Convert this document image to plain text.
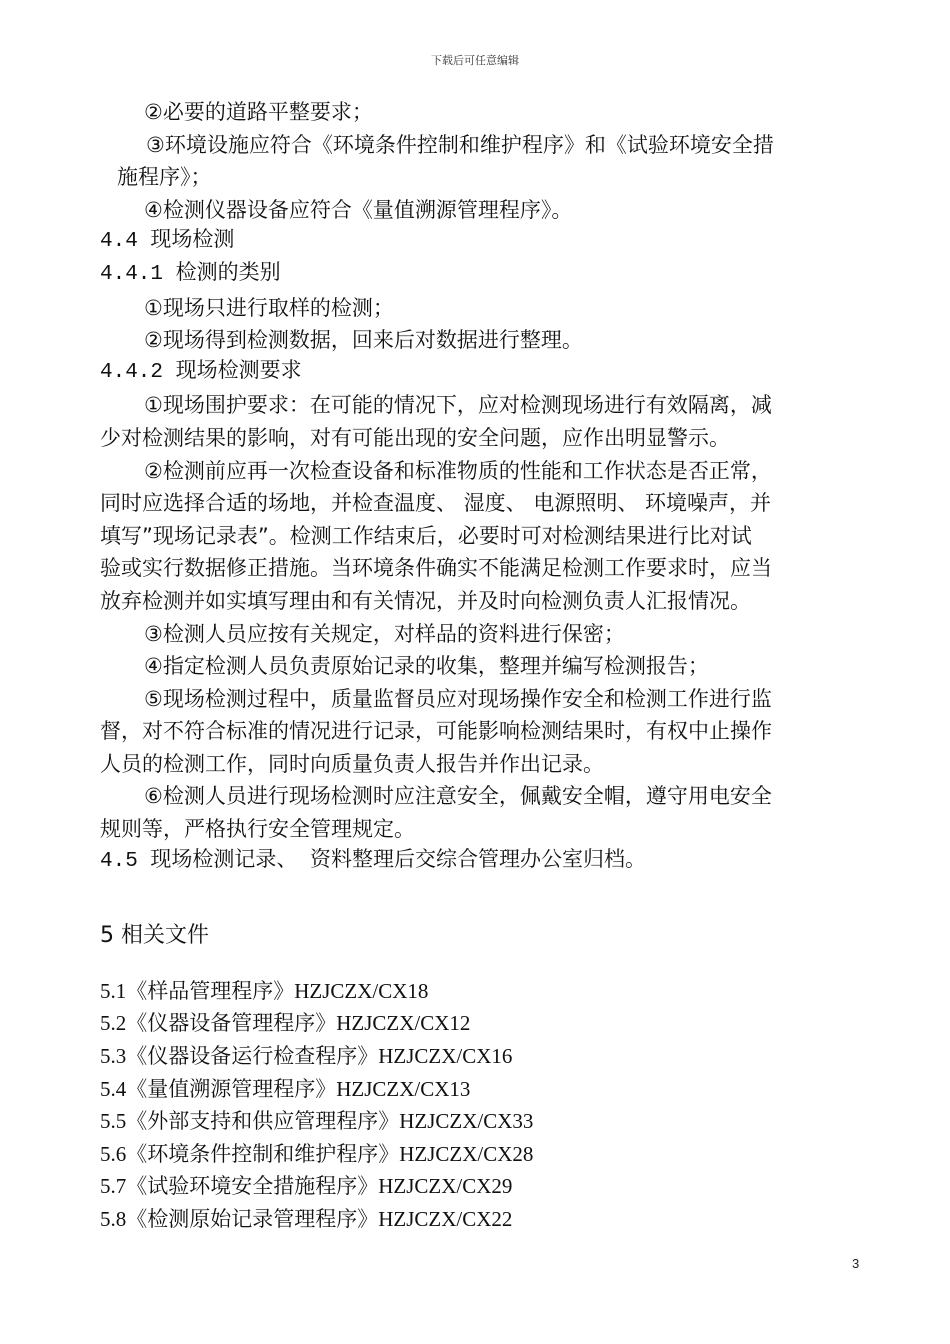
下载后可任意编辑

②必要的道路平整要求；

③环境设施应符合《环境条件控制和维护程序》和《试验环境安全措

施程序》；

④检测仪器设备应符合《量值溯源管理程序》。

4.4 现场检测

4.4.1 检测的类别

①现场只进行取样的检测；

②现场得到检测数据，回来后对数据进行整理。

4.4.2 现场检测要求

①现场围护要求：在可能的情况下，应对检测现场进行有效隔离，减

少对检测结果的影响，对有可能出现的安全问题，应作出明显警示。

②检测前应再一次检查设备和标准物质的性能和工作状态是否正常，

同时应选择合适的场地，并检查温度、 湿度、 电源照明、 环境噪声，并

填写”现场记录表”。检测工作结束后，必要时可对检测结果进行比对试

验或实行数据修正措施。当环境条件确实不能满足检测工作要求时，应当

放弃检测并如实填写理由和有关情况，并及时向检测负责人汇报情况。

③检测人员应按有关规定，对样品的资料进行保密；

④指定检测人员负责原始记录的收集，整理并编写检测报告；

⑤现场检测过程中，质量监督员应对现场操作安全和检测工作进行监

督，对不符合标准的情况进行记录，可能影响检测结果时，有权中止操作

人员的检测工作，同时向质量负责人报告并作出记录。

⑥检测人员进行现场检测时应注意安全，佩戴安全帽，遵守用电安全

规则等，严格执行安全管理规定。

4.5 现场检测记录、 资料整理后交综合管理办公室归档。

5 相关文件

5.1《样品管理程序》HZJCZX/CX18

5.2《仪器设备管理程序》HZJCZX/CX12

5.3《仪器设备运行检查程序》HZJCZX/CX16

5.4《量值溯源管理程序》HZJCZX/CX13

5.5《外部支持和供应管理程序》HZJCZX/CX33

5.6《环境条件控制和维护程序》HZJCZX/CX28

5.7《试验环境安全措施程序》HZJCZX/CX29

5.8《检测原始记录管理程序》HZJCZX/CX22

3
